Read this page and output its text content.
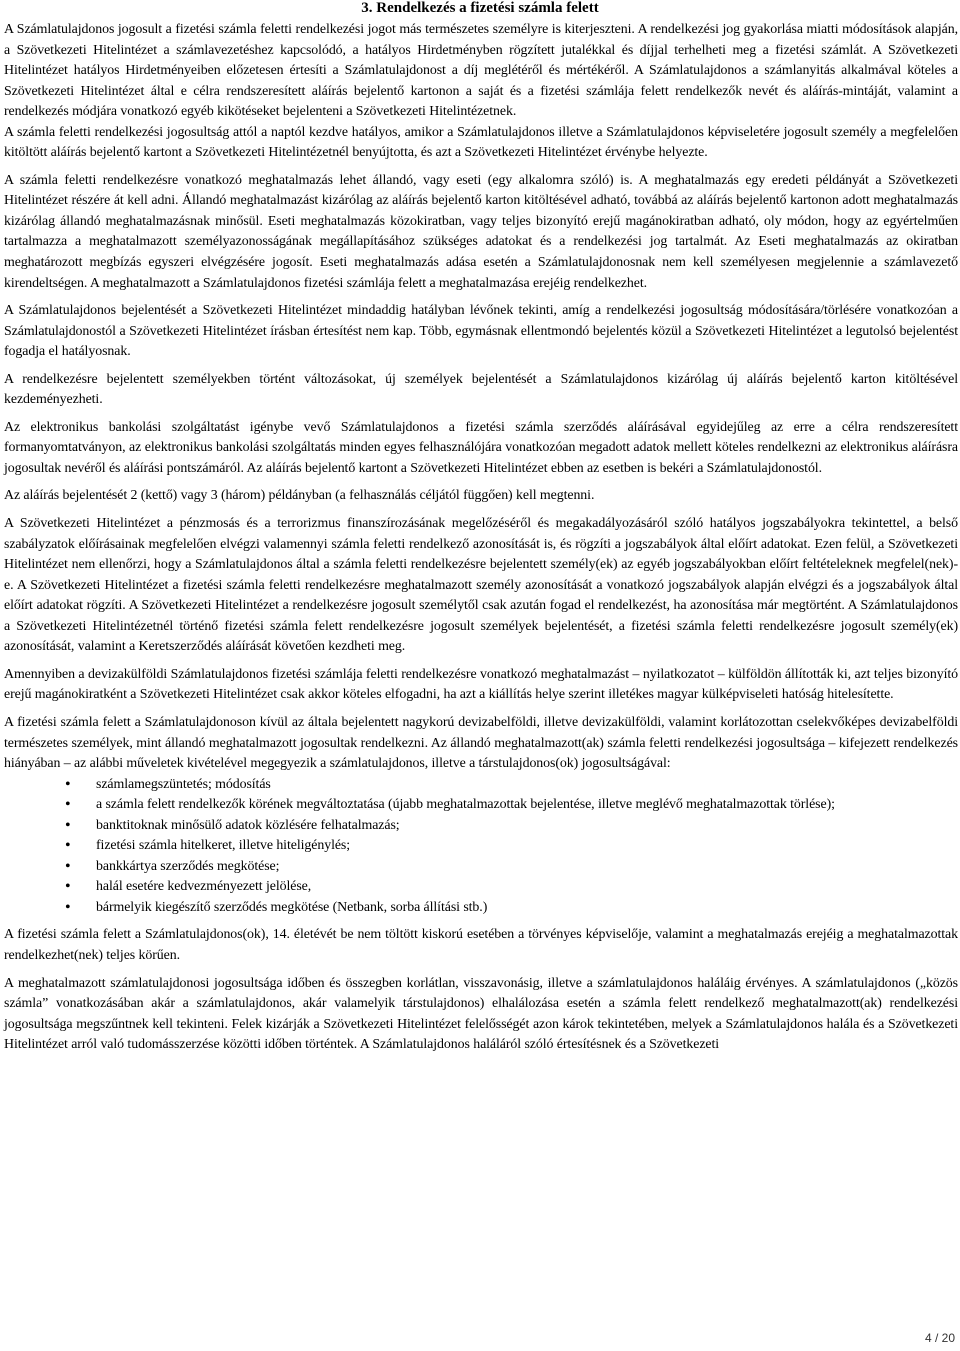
3. Rendelkezés a fizetési számla felett

A Számlatulajdonos jogosult a fizetési számla feletti rendelkezési jogot más természetes személyre is kiterjeszteni. A rendelkezési jog gyakorlása miatti módosítások alapján, a Szövetkezeti Hitelintézet a számlavezetéshez kapcsolódó, a hatályos Hirdetményben rögzített jutalékkal és díjjal terhelheti meg a fizetési számlát. A Szövetkezeti Hitelintézet hatályos Hirdetményeiben előzetesen értesíti a Számlatulajdonost a díj meglétéről és mértékéről. A Számlatulajdonos a számlanyitás alkalmával köteles a Szövetkezeti Hitelintézet által e célra rendszeresített aláírás bejelentő kartonon a saját és a fizetési számlája felett rendelkezők nevét és aláírás-mintáját, valamint a rendelkezés módjára vonatkozó egyéb kikötéseket bejelenteni a Szövetkezeti Hitelintézetnek.

A számla feletti rendelkezési jogosultság attól a naptól kezdve hatályos, amikor a Számlatulajdonos illetve a Számlatulajdonos képviseletére jogosult személy a megfelelően kitöltött aláírás bejelentő kartont a Szövetkezeti Hitelintézetnél benyújtotta, és azt a Szövetkezeti Hitelintézet érvénybe helyezte.

A számla feletti rendelkezésre vonatkozó meghatalmazás lehet állandó, vagy eseti (egy alkalomra szóló) is. A meghatalmazás egy eredeti példányát a Szövetkezeti Hitelintézet részére át kell adni. Állandó meghatalmazást kizárólag az aláírás bejelentő karton kitöltésével adható, továbbá az aláírás bejelentő kartonon adott meghatalmazás kizárólag állandó meghatalmazásnak minősül. Eseti meghatalmazás közokiratban, vagy teljes bizonyító erejű magánokiratban adható, oly módon, hogy az egyértelműen tartalmazza a meghatalmazott személyazonosságának megállapításához szükséges adatokat és a rendelkezési jog tartalmát. Az Eseti meghatalmazás az okiratban meghatározott megbízás egyszeri elvégzésére jogosít. Eseti meghatalmazás adása esetén a Számlatulajdonosnak nem kell személyesen megjelennie a számlavezető kirendeltségen. A meghatalmazott a Számlatulajdonos fizetési számlája felett a meghatalmazása erejéig rendelkezhet.

A Számlatulajdonos bejelentését a Szövetkezeti Hitelintézet mindaddig hatályban lévőnek tekinti, amíg a rendelkezési jogosultság módosítására/törlésére vonatkozóan a Számlatulajdonostól a Szövetkezeti Hitelintézet írásban értesítést nem kap. Több, egymásnak ellentmondó bejelentés közül a Szövetkezeti Hitelintézet a legutolsó bejelentést fogadja el hatályosnak.

A rendelkezésre bejelentett személyekben történt változásokat, új személyek bejelentését a Számlatulajdonos kizárólag új aláírás bejelentő karton kitöltésével kezdeményezheti.

Az elektronikus bankolási szolgáltatást igénybe vevő Számlatulajdonos a fizetési számla szerződés aláírásával egyidejűleg az erre a célra rendszeresített formanyomtatványon, az elektronikus bankolási szolgáltatás minden egyes felhasználójára vonatkozóan megadott adatok mellett köteles rendelkezni az elektronikus aláírásra jogosultak nevéről és aláírási pontszámáról. Az aláírás bejelentő kartont a Szövetkezeti Hitelintézet ebben az esetben is bekéri a Számlatulajdonostól.

Az aláírás bejelentését 2 (kettő) vagy 3 (három) példányban (a felhasználás céljától függően) kell megtenni.

A Szövetkezeti Hitelintézet a pénzmosás és a terrorizmus finanszírozásának megelőzéséről és megakadályozásáról szóló hatályos jogszabályokra tekintettel, a belső szabályzatok előírásainak megfelelően elvégzi valamennyi számla feletti rendelkező azonosítását is, és rögzíti a jogszabályok által előírt adatokat. Ezen felül, a Szövetkezeti Hitelintézet nem ellenőrzi, hogy a Számlatulajdonos által a számla feletti rendelkezésre bejelentett személy(ek) az egyéb jogszabályokban előírt feltételeknek megfelel(nek)-e. A Szövetkezeti Hitelintézet a fizetési számla feletti rendelkezésre meghatalmazott személy azonosítását a vonatkozó jogszabályok alapján elvégzi és a jogszabályok által előírt adatokat rögzíti. A Szövetkezeti Hitelintézet a rendelkezésre jogosult személytől csak azután fogad el rendelkezést, ha azonosítása már megtörtént. A Számlatulajdonos a Szövetkezeti Hitelintézetnél történő fizetési számla felett rendelkezésre jogosult személyek bejelentését, a fizetési számla feletti rendelkezésre jogosult személy(ek) azonosítását, valamint a Keretszerződés aláírását követően kezdheti meg.

Amennyiben a devizakülföldi Számlatulajdonos fizetési számlája feletti rendelkezésre vonatkozó meghatalmazást – nyilatkozatot – külföldön állították ki, azt teljes bizonyító erejű magánokiratként a Szövetkezeti Hitelintézet csak akkor köteles elfogadni, ha azt a kiállítás helye szerint illetékes magyar külképviseleti hatóság hitelesítette.

A fizetési számla felett a Számlatulajdonoson kívül az általa bejelentett nagykorú devizabelföldi, illetve devizakülföldi, valamint korlátozottan cselekvőképes devizabelföldi természetes személyek, mint állandó meghatalmazott jogosultak rendelkezni. Az állandó meghatalmazott(ak) számla feletti rendelkezési jogosultsága – kifejezett rendelkezés hiányában – az alábbi műveletek kivételével megegyezik a számlatulajdonos, illetve a társtulajdonos(ok) jogosultságával:

• számlamegszüntetés; módosítás
• a számla felett rendelkezők körének megváltoztatása (újabb meghatalmazottak bejelentése, illetve meglévő meghatalmazottak törlése);
• banktitoknak minősülő adatok közlésére felhatalmazás;
• fizetési számla hitelkeret, illetve hiteligénylés;
• bankkártya szerződés megkötése;
• halál esetére kedvezményezett jelölése,
• bármelyik kiegészítő szerződés megkötése (Netbank, sorba állítási stb.)

A fizetési számla felett a Számlatulajdonos(ok), 14. életévét be nem töltött kiskorú esetében a törvényes képviselője, valamint a meghatalmazás erejéig a meghatalmazottak rendelkezhet(nek) teljes körűen.

A meghatalmazott számlatulajdonosi jogosultsága időben és összegben korlátlan, visszavonásig, illetve a számlatulajdonos haláláig érvényes. A számlatulajdonos („közös számla” vonatkozásában akár a számlatulajdonos, akár valamelyik társtulajdonos) elhalálozása esetén a számla felett rendelkező meghatalmazott(ak) rendelkezési jogosultsága megszűntnek kell tekinteni. Felek kizárják a Szövetkezeti Hitelintézet felelősségét azon károk tekintetében, melyek a Számlatulajdonos halála és a Szövetkezeti Hitelintézet arról való tudomásszerzése közötti időben történtek. A Számlatulajdonos haláláról szóló értesítésnek és a Szövetkezeti

4 / 20
